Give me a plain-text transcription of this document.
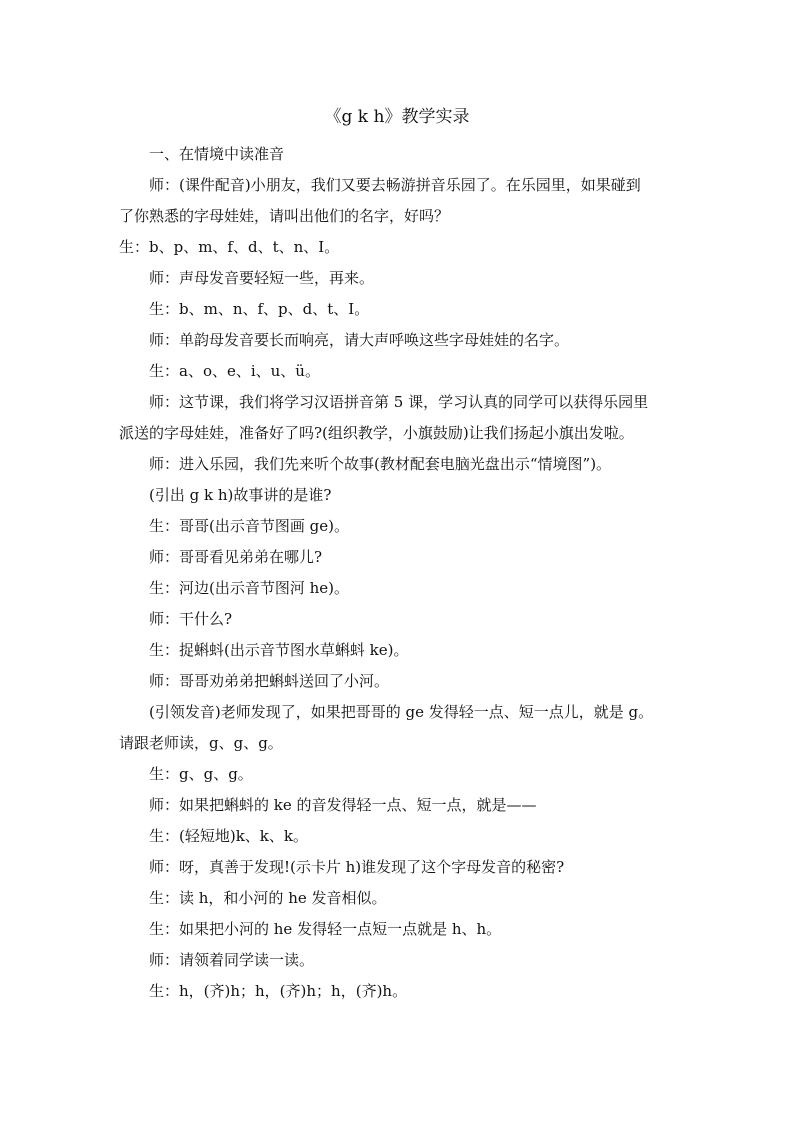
《g k h》教学实录
一、在情境中读准音
师：(课件配音)小朋友，我们又要去畅游拼音乐园了。在乐园里，如果碰到
了你熟悉的字母娃娃，请叫出他们的名字，好吗？
生：b、p、m、f、d、t、n、I。
师：声母发音要轻短一些，再来。
生：b、m、n、f、p、d、t、I。
师：单韵母发音要长而响亮，请大声呼唤这些字母娃娃的名字。
生：a、o、e、i、u、ü。
师：这节课，我们将学习汉语拼音第 5 课，学习认真的同学可以获得乐园里
派送的字母娃娃，准备好了吗?(组织教学，小旗鼓励)让我们扬起小旗出发啦。
师：进入乐园，我们先来听个故事(教材配套电脑光盘出示“情境图”)。
(引出 g k h)故事讲的是谁?
生：哥哥(出示音节图画 ge)。
师：哥哥看见弟弟在哪儿?
生：河边(出示音节图河 he)。
师：干什么?
生：捉蝌蚪(出示音节图水草蝌蚪 ke)。
师：哥哥劝弟弟把蝌蚪送回了小河。
(引领发音)老师发现了，如果把哥哥的 ge 发得轻一点、短一点儿，就是 g。
请跟老师读，g、g、g。
生：g、g、g。
师：如果把蝌蚪的 ke 的音发得轻一点、短一点，就是——
生：(轻短地)k、k、k。
师：呀，真善于发现!(示卡片 h)谁发现了这个字母发音的秘密?
生：读 h，和小河的 he 发音相似。
生：如果把小河的 he 发得轻一点短一点就是 h、h。
师：请领着同学读一读。
生：h，(齐)h；h，(齐)h；h，(齐)h。
